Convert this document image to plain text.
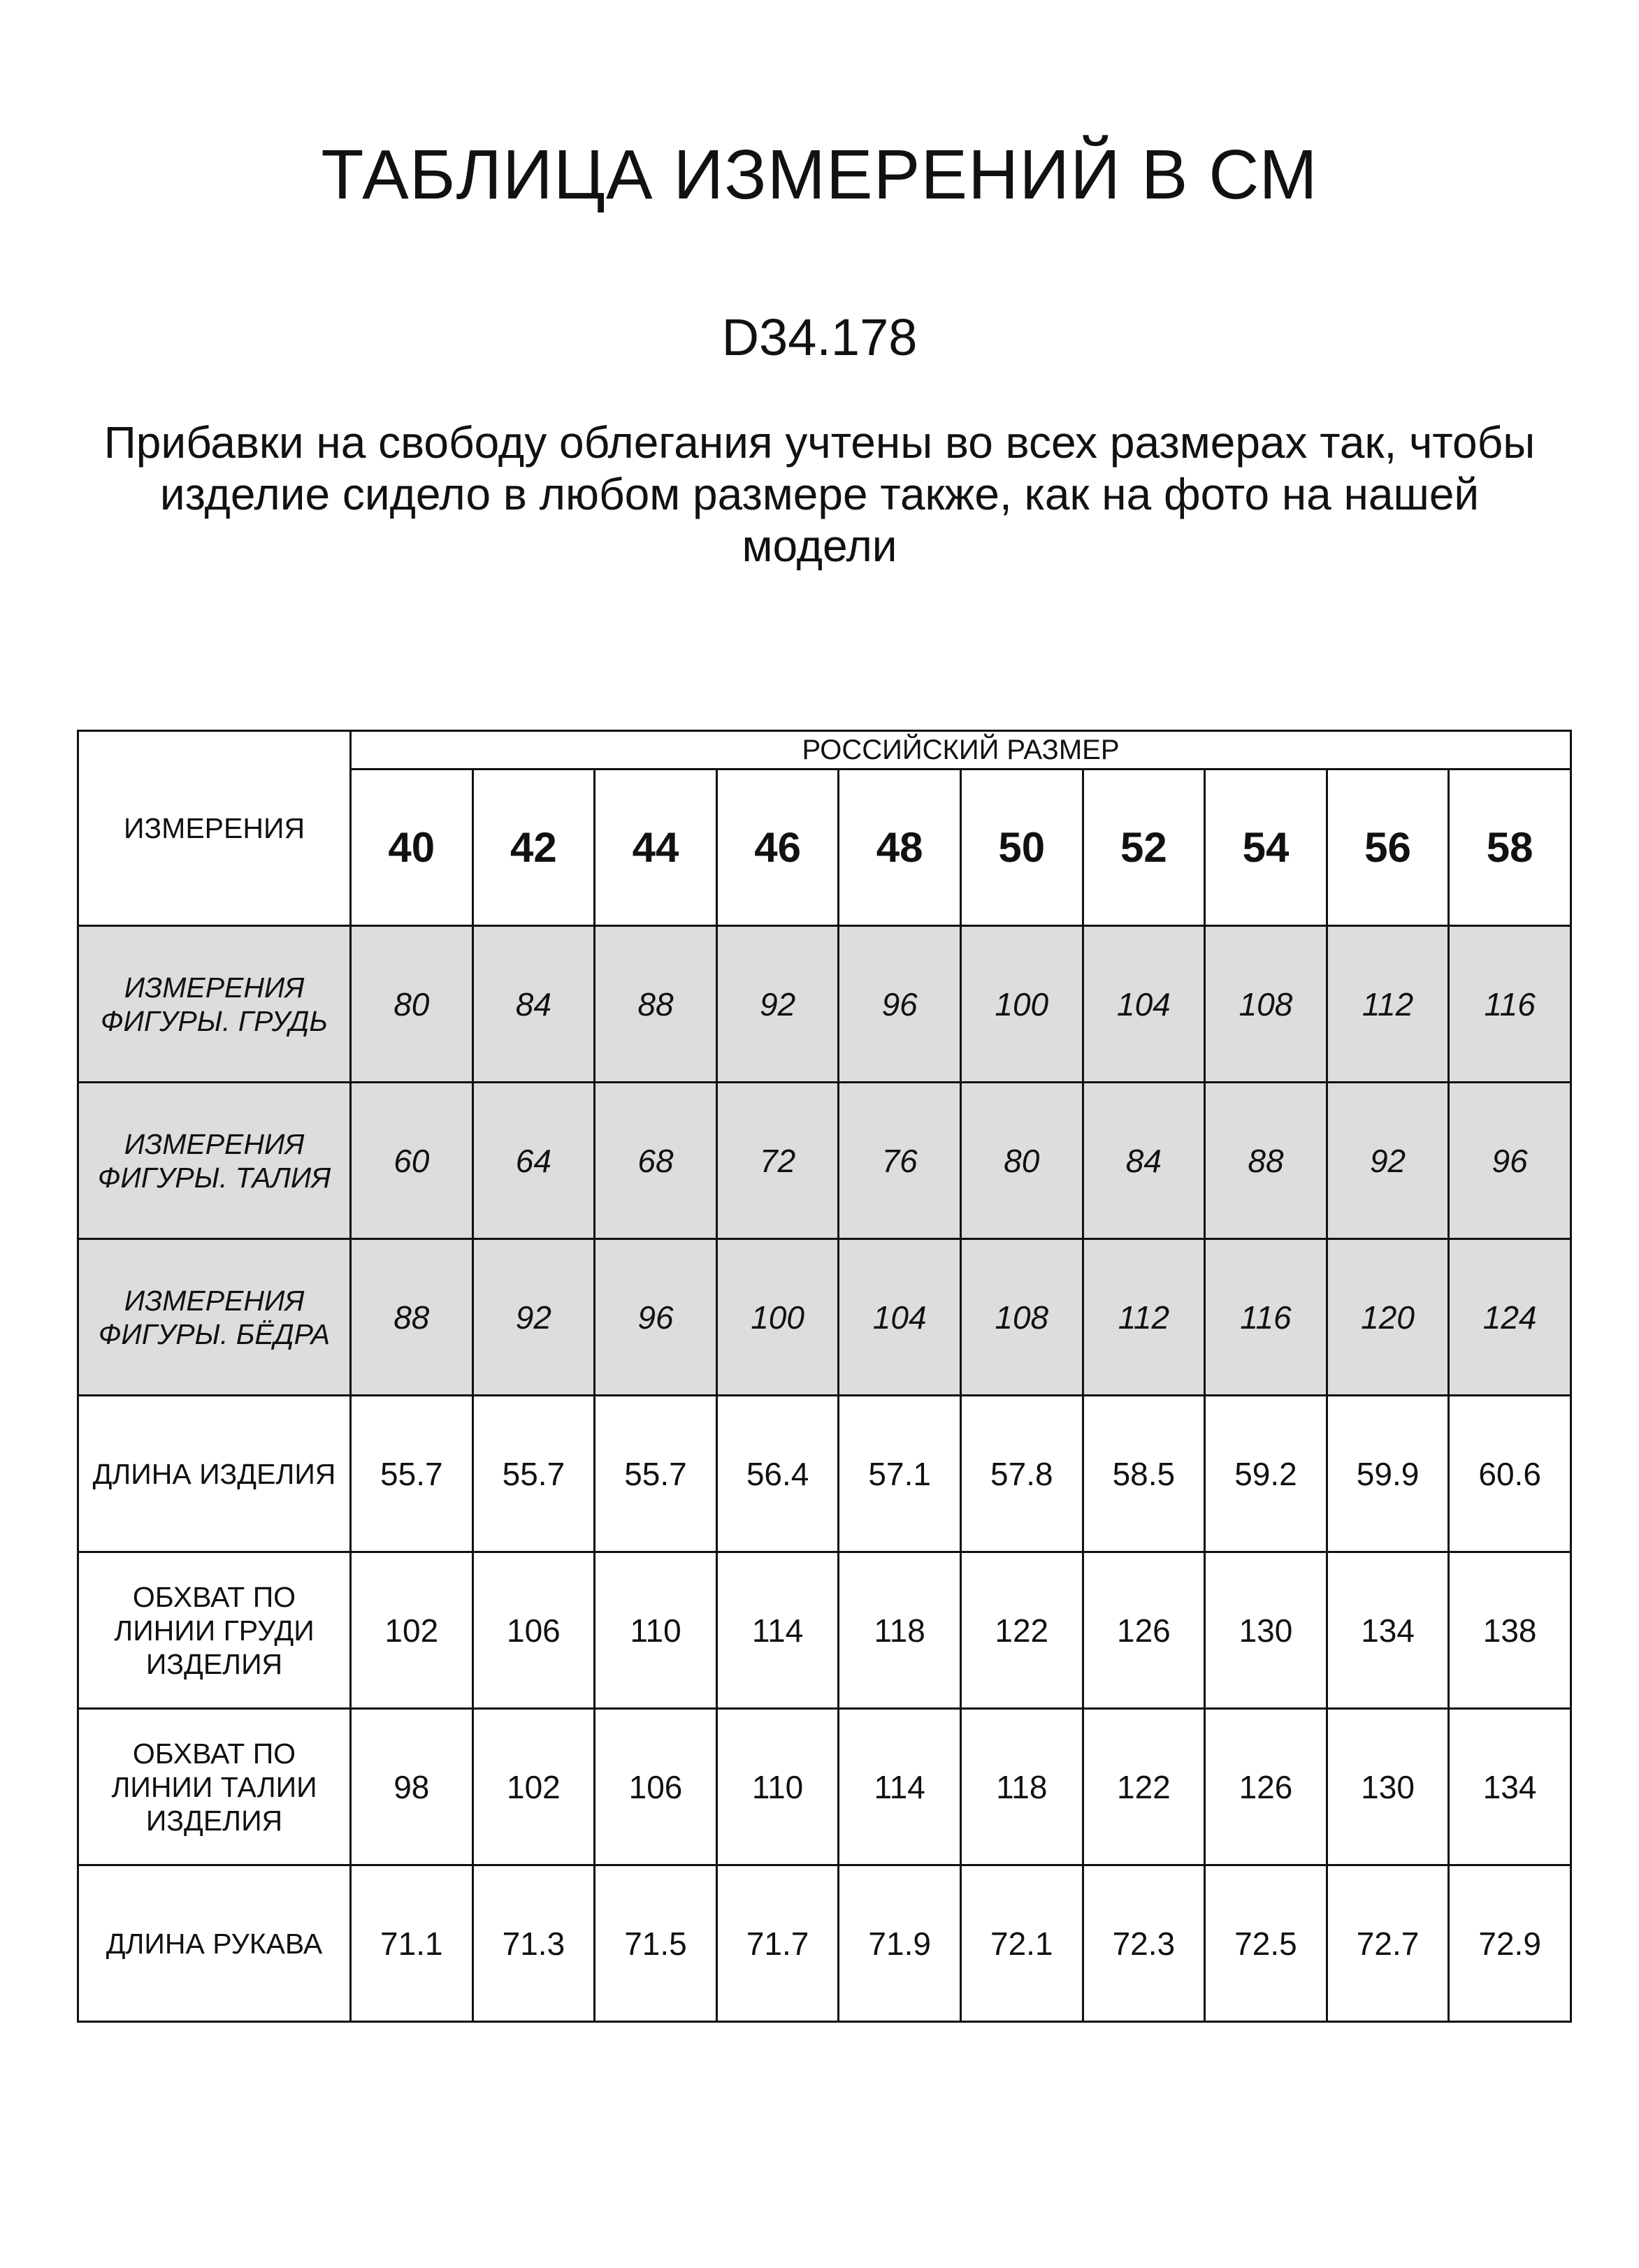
ТАБЛИЦА ИЗМЕРЕНИЙ В СМ
D34.178
Прибавки на свободу облегания учтены во всех размерах так, чтобы изделие сидело в любом размере также, как на фото на нашей модели
ИЗМЕРЕНИЯ	РОССИЙСКИЙ РАЗМЕР									
	40	42	44	46	48	50	52	54	56	58
ИЗМЕРЕНИЯ ФИГУРЫ. ГРУДЬ	80	84	88	92	96	100	104	108	112	116
ИЗМЕРЕНИЯ ФИГУРЫ. ТАЛИЯ	60	64	68	72	76	80	84	88	92	96
ИЗМЕРЕНИЯ ФИГУРЫ. БЁДРА	88	92	96	100	104	108	112	116	120	124
ДЛИНА ИЗДЕЛИЯ	55.7	55.7	55.7	56.4	57.1	57.8	58.5	59.2	59.9	60.6
ОБХВАТ ПО ЛИНИИ ГРУДИ ИЗДЕЛИЯ	102	106	110	114	118	122	126	130	134	138
ОБХВАТ ПО ЛИНИИ ТАЛИИ ИЗДЕЛИЯ	98	102	106	110	114	118	122	126	130	134
ДЛИНА РУКАВА	71.1	71.3	71.5	71.7	71.9	72.1	72.3	72.5	72.7	72.9
